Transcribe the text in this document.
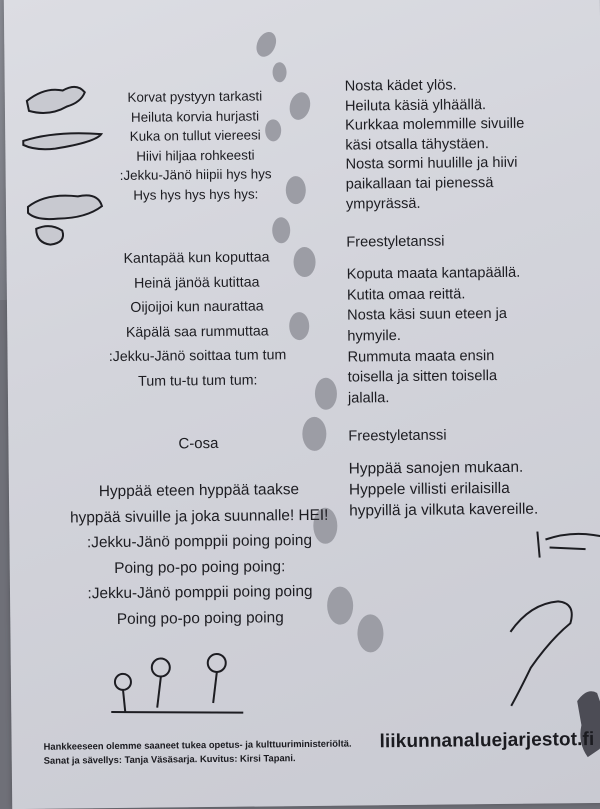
Korvat pystyyn tarkasti
Heiluta korvia hurjasti
Kuka on tullut viereesi
Hiivi hiljaa rohkeesti
:Jekku-Jänö hiipii hys hys
Hys hys hys hys hys:
Kantapää kun koputtaa
Heinä jänöä kutittaa
Oijoijoi kun naurattaa
Käpälä saa rummuttaa
:Jekku-Jänö soittaa tum tum
Tum tu-tu tum tum:
C-osa
Hyppää eteen hyppää taakse
hyppää sivuille ja joka suunnalle! HEI!
:Jekku-Jänö pomppii poing poing
Poing po-po poing poing:
:Jekku-Jänö pomppii poing poing
Poing po-po poing poing
Nosta kädet ylös.
Heiluta käsiä ylhäällä.
Kurkkaa molemmille sivuille
käsi otsalla tähystäen.
Nosta sormi huulille ja hiivi
paikallaan tai pienessä
ympyrässä.
Freestyletanssi
Koputa maata kantapäällä.
Kutita omaa reittä.
Nosta käsi suun eteen ja
hymyile.
Rummuta maata ensin
toisella ja sitten toisella
jalalla.
Freestyletanssi
Hyppää sanojen mukaan.
Hyppele villisti erilaisilla
hypyillä ja vilkuta kavereille.
Hankkeeseen olemme saaneet tukea opetus- ja kulttuuriministeriöltä.
Sanat ja sävellys: Tanja Väsäsarja. Kuvitus: Kirsi Tapani.
liikunnanaluejarjestot.fi
